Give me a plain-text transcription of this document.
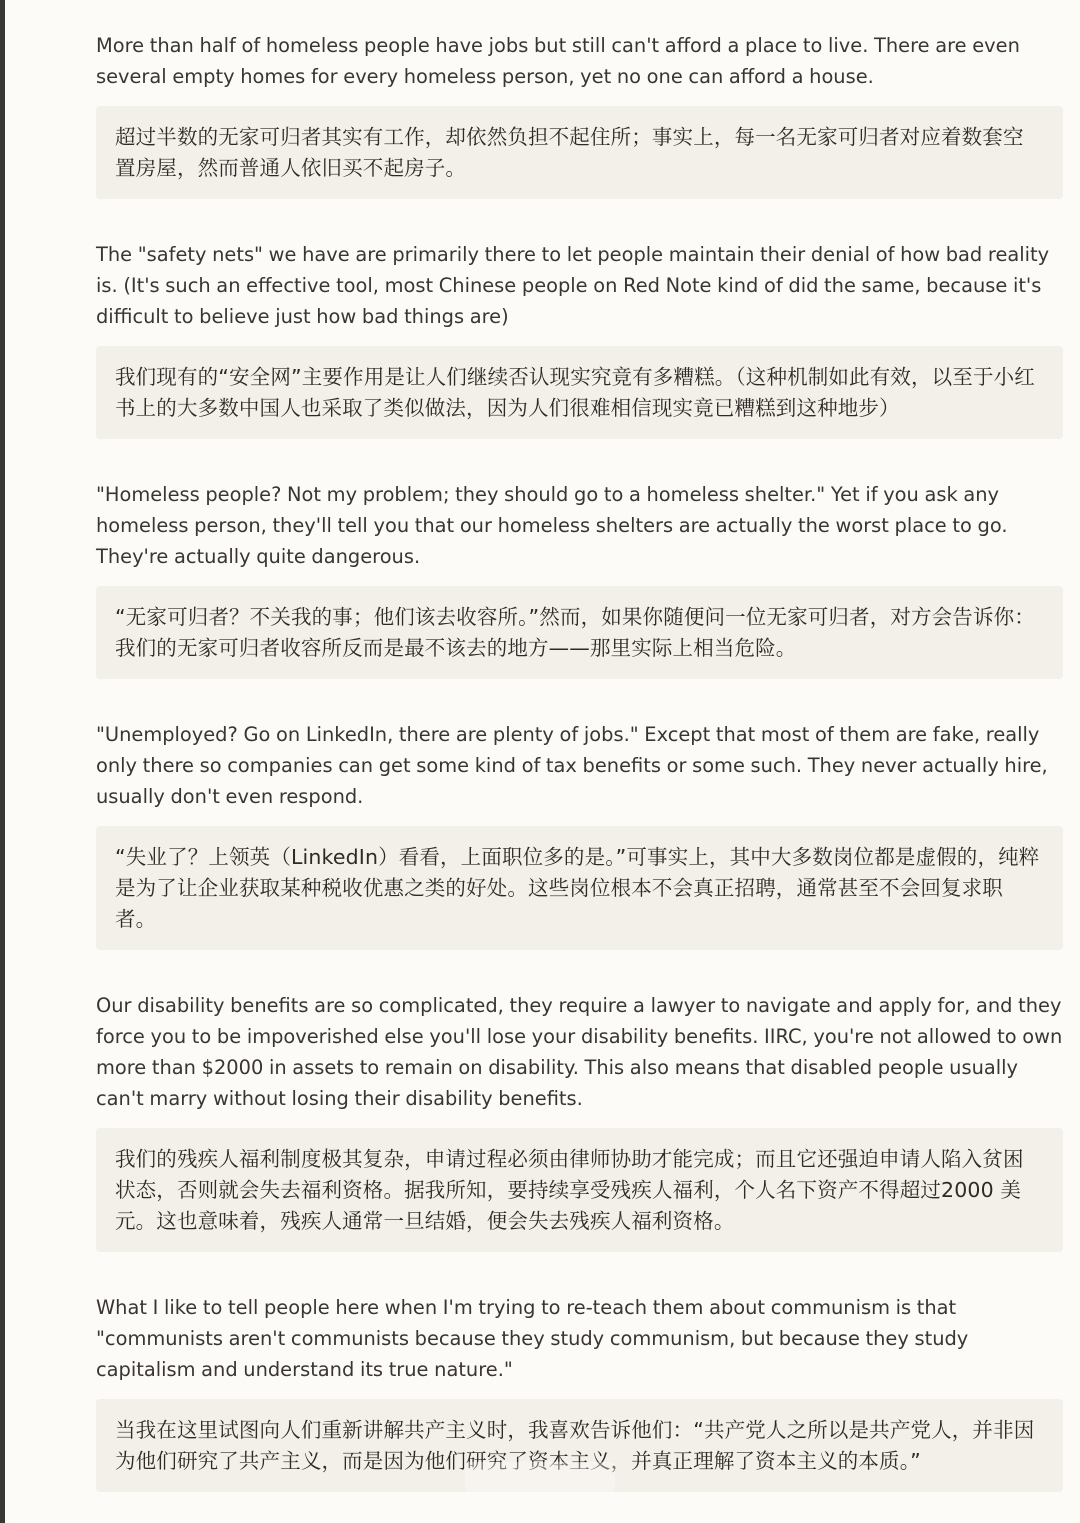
More than half of homeless people have jobs but still can't afford a place to live. There are even several empty homes for every homeless person, yet no one can afford a house.

超过半数的无家可归者其实有工作，却依然负担不起住所；事实上，每一名无家可归者对应着数套空置房屋，然而普通人依旧买不起房子。

The "safety nets" we have are primarily there to let people maintain their denial of how bad reality is. (It's such an effective tool, most Chinese people on Red Note kind of did the same, because it's difficult to believe just how bad things are)

我们现有的“安全网”主要作用是让人们继续否认现实究竟有多糟糕。（这种机制如此有效，以至于小红书上的大多数中国人也采取了类似做法，因为人们很难相信现实竟已糟糕到这种地步）

"Homeless people? Not my problem; they should go to a homeless shelter." Yet if you ask any homeless person, they'll tell you that our homeless shelters are actually the worst place to go. They're actually quite dangerous.

“无家可归者？不关我的事；他们该去收容所。”然而，如果你随便问一位无家可归者，对方会告诉你：我们的无家可归者收容所反而是最不该去的地方——那里实际上相当危险。

"Unemployed? Go on LinkedIn, there are plenty of jobs." Except that most of them are fake, really only there so companies can get some kind of tax benefits or some such. They never actually hire, usually don't even respond.

“失业了？上领英（LinkedIn）看看，上面职位多的是。”可事实上，其中大多数岗位都是虚假的，纯粹是为了让企业获取某种税收优惠之类的好处。这些岗位根本不会真正招聘，通常甚至不会回复求职者。

Our disability benefits are so complicated, they require a lawyer to navigate and apply for, and they force you to be impoverished else you'll lose your disability benefits. IIRC, you're not allowed to own more than $2000 in assets to remain on disability. This also means that disabled people usually can't marry without losing their disability benefits.

我们的残疾人福利制度极其复杂，申请过程必须由律师协助才能完成；而且它还强迫申请人陷入贫困状态，否则就会失去福利资格。据我所知，要持续享受残疾人福利，个人名下资产不得超过2000 美元。这也意味着，残疾人通常一旦结婚，便会失去残疾人福利资格。

What I like to tell people here when I'm trying to re-teach them about communism is that "communists aren't communists because they study communism, but because they study capitalism and understand its true nature."

当我在这里试图向人们重新讲解共产主义时，我喜欢告诉他们：“共产党人之所以是共产党人，并非因为他们研究了共产主义，而是因为他们研究了资本主义，并真正理解了资本主义的本质。”
